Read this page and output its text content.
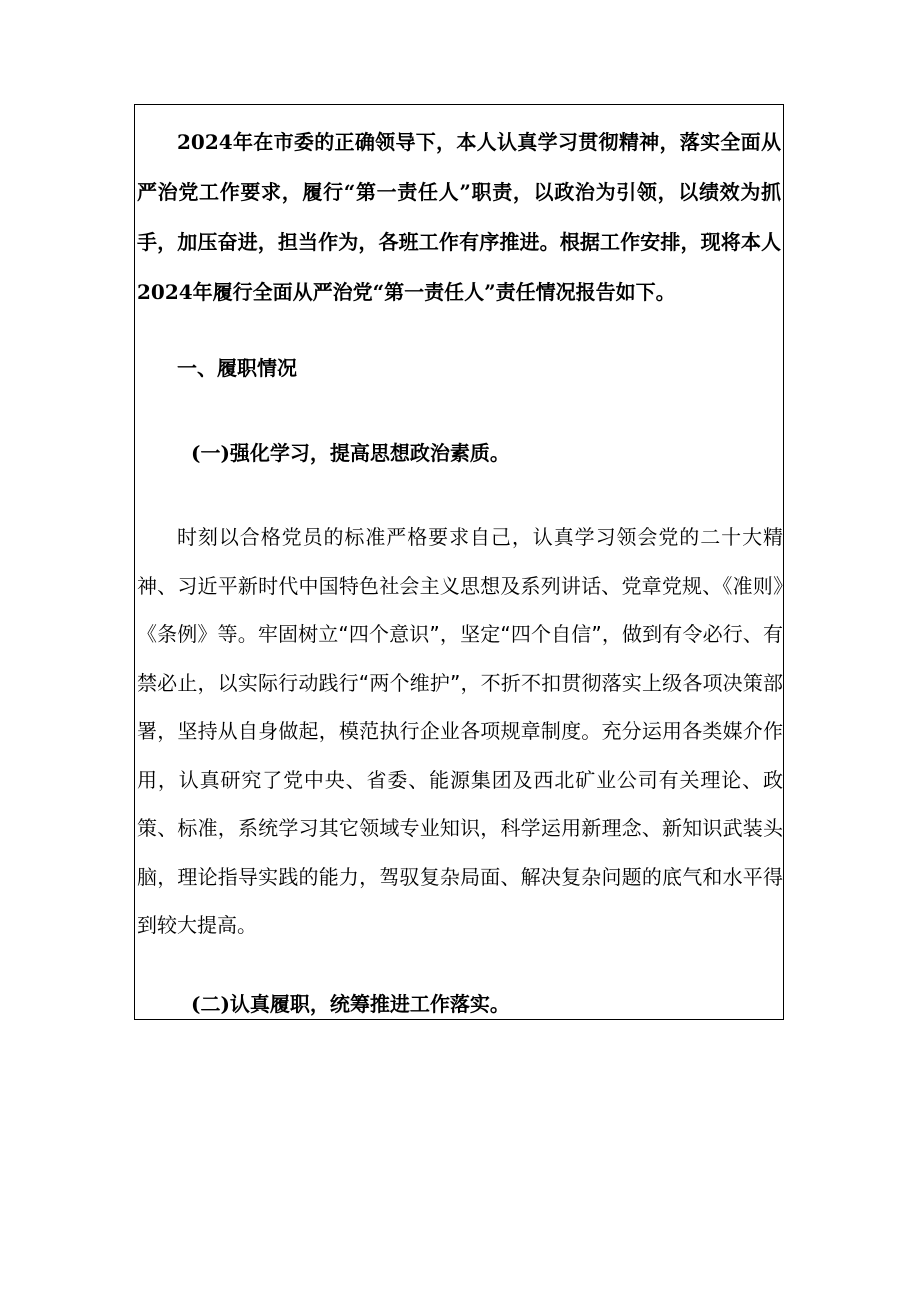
2024年在市委的正确领导下，本人认真学习贯彻精神，落实全面从严治党工作要求，履行“第一责任人”职责，以政治为引领，以绩效为抓手，加压奋进，担当作为，各班工作有序推进。根据工作安排，现将本人2024年履行全面从严治党“第一责任人”责任情况报告如下。

一、履职情况

(一)强化学习，提高思想政治素质。

时刻以合格党员的标准严格要求自己，认真学习领会党的二十大精神、习近平新时代中国特色社会主义思想及系列讲话、党章党规、《准则》《条例》等。牢固树立“四个意识”，坚定“四个自信”，做到有令必行、有禁必止，以实际行动践行“两个维护”，不折不扣贯彻落实上级各项决策部署，坚持从自身做起，模范执行企业各项规章制度。充分运用各类媒介作用，认真研究了党中央、省委、能源集团及西北矿业公司有关理论、政策、标准，系统学习其它领域专业知识，科学运用新理念、新知识武装头脑，理论指导实践的能力，驾驭复杂局面、解决复杂问题的底气和水平得到较大提高。

(二)认真履职，统筹推进工作落实。
